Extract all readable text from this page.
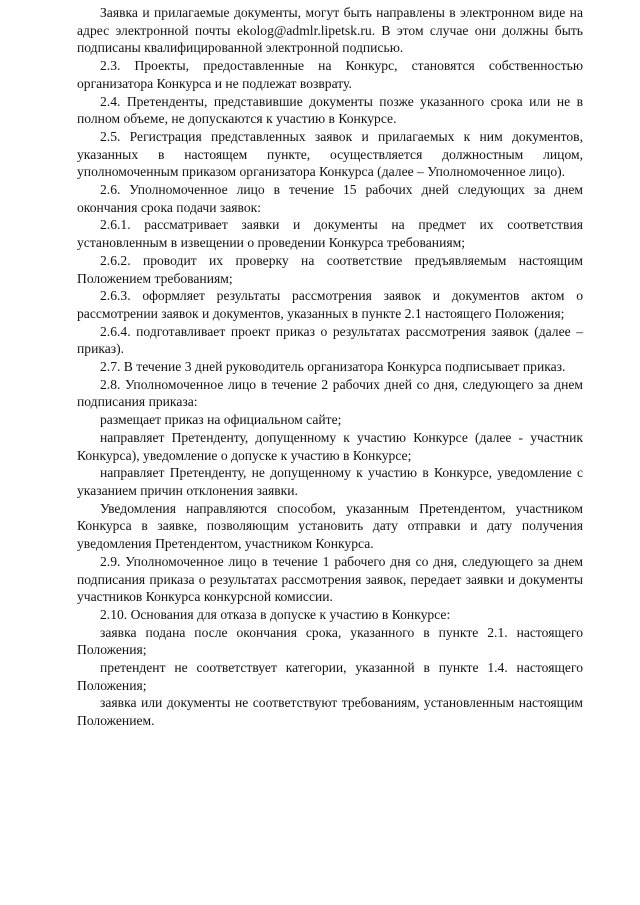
Заявка и прилагаемые документы, могут быть направлены в электронном виде на адрес электронной почты ekolog@admlr.lipetsk.ru. В этом случае они должны быть подписаны квалифицированной электронной подписью.

2.3. Проекты, предоставленные на Конкурс, становятся собственностью организатора Конкурса и не подлежат возврату.

2.4. Претенденты, представившие документы позже указанного срока или не в полном объеме, не допускаются к участию в Конкурсе.

2.5. Регистрация представленных заявок и прилагаемых к ним документов, указанных в настоящем пункте, осуществляется должностным лицом, уполномоченным приказом организатора Конкурса (далее – Уполномоченное лицо).

2.6. Уполномоченное лицо в течение 15 рабочих дней следующих за днем окончания срока подачи заявок:

2.6.1. рассматривает заявки и документы на предмет их соответствия установленным в извещении о проведении Конкурса требованиям;

2.6.2. проводит их проверку на соответствие предъявляемым настоящим Положением требованиям;

2.6.3. оформляет результаты рассмотрения заявок и документов актом о рассмотрении заявок и документов, указанных в пункте 2.1 настоящего Положения;

2.6.4. подготавливает проект приказ о результатах рассмотрения заявок (далее – приказ).

2.7. В течение 3 дней руководитель организатора Конкурса подписывает приказ.

2.8. Уполномоченное лицо в течение 2 рабочих дней со дня, следующего за днем подписания приказа:

размещает приказ на официальном сайте;

направляет Претенденту, допущенному к участию Конкурсе (далее - участник Конкурса), уведомление о допуске к участию в Конкурсе;

направляет Претенденту, не допущенному к участию в Конкурсе, уведомление с указанием причин отклонения заявки.

Уведомления направляются способом, указанным Претендентом, участником Конкурса в заявке, позволяющим установить дату отправки и дату получения уведомления Претендентом, участником Конкурса.

2.9. Уполномоченное лицо в течение 1 рабочего дня со дня, следующего за днем подписания приказа о результатах рассмотрения заявок, передает заявки и документы участников Конкурса конкурсной комиссии.

2.10. Основания для отказа в допуске к участию в Конкурсе:

заявка подана после окончания срока, указанного в пункте 2.1. настоящего Положения;

претендент не соответствует категории, указанной в пункте 1.4. настоящего Положения;

заявка или документы не соответствуют требованиям, установленным настоящим Положением.
